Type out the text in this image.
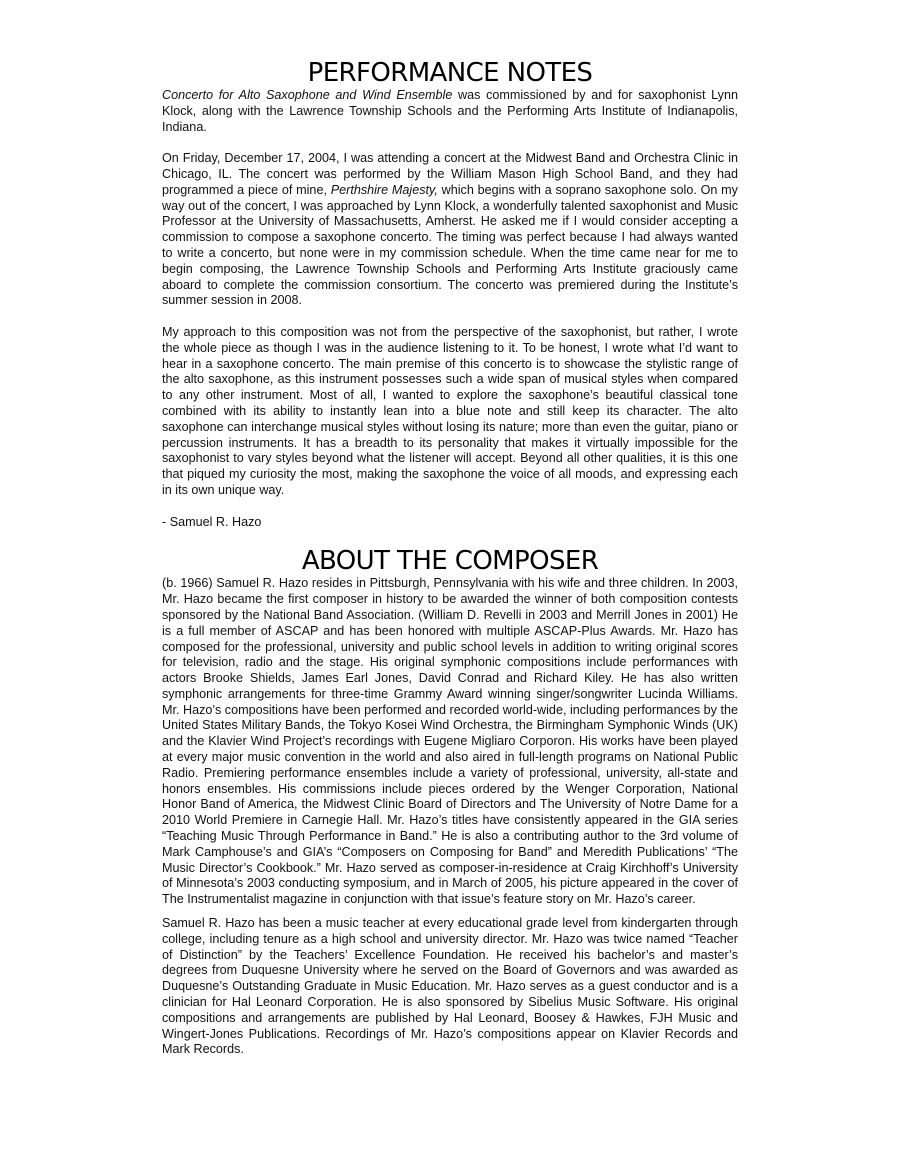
PERFORMANCE NOTES

Concerto for Alto Saxophone and Wind Ensemble was commissioned by and for saxophonist Lynn Klock, along with the Lawrence Township Schools and the Performing Arts Institute of Indianapolis, Indiana.

On Friday, December 17, 2004, I was attending a concert at the Midwest Band and Orchestra Clinic in Chicago, IL. The concert was performed by the William Mason High School Band, and they had programmed a piece of mine, Perthshire Majesty, which begins with a soprano saxophone solo. On my way out of the concert, I was approached by Lynn Klock, a wonderfully talented saxophonist and Music Professor at the University of Massachusetts, Amherst. He asked me if I would consider accepting a commission to compose a saxophone concerto. The timing was perfect because I had always wanted to write a concerto, but none were in my commission schedule. When the time came near for me to begin composing, the Lawrence Township Schools and Performing Arts Institute graciously came aboard to complete the commission consortium. The concerto was premiered during the Institute’s summer session in 2008.

My approach to this composition was not from the perspective of the saxophonist, but rather, I wrote the whole piece as though I was in the audience listening to it. To be honest, I wrote what I’d want to hear in a saxophone concerto. The main premise of this concerto is to showcase the stylistic range of the alto saxophone, as this instrument possesses such a wide span of musical styles when compared to any other instrument. Most of all, I wanted to explore the saxophone’s beautiful classical tone combined with its ability to instantly lean into a blue note and still keep its character. The alto saxophone can interchange musical styles without losing its nature; more than even the guitar, piano or percussion instruments. It has a breadth to its personality that makes it virtually impossible for the saxophonist to vary styles beyond what the listener will accept. Beyond all other qualities, it is this one that piqued my curiosity the most, making the saxophone the voice of all moods, and expressing each in its own unique way.

- Samuel R. Hazo

ABOUT THE COMPOSER

(b. 1966) Samuel R. Hazo resides in Pittsburgh, Pennsylvania with his wife and three children. In 2003, Mr. Hazo became the first composer in history to be awarded the winner of both composition contests sponsored by the National Band Association. (William D. Revelli in 2003 and Merrill Jones in 2001) He is a full member of ASCAP and has been honored with multiple ASCAP-Plus Awards. Mr. Hazo has composed for the professional, university and public school levels in addition to writing original scores for television, radio and the stage. His original symphonic compositions include performances with actors Brooke Shields, James Earl Jones, David Conrad and Richard Kiley. He has also written symphonic arrangements for three-time Grammy Award winning singer/songwriter Lucinda Williams. Mr. Hazo’s compositions have been performed and recorded world-wide, including performances by the United States Military Bands, the Tokyo Kosei Wind Orchestra, the Birmingham Symphonic Winds (UK) and the Klavier Wind Project’s recordings with Eugene Migliaro Corporon. His works have been played at every major music convention in the world and also aired in full-length programs on National Public Radio. Premiering performance ensembles include a variety of professional, university, all-state and honors ensembles. His commissions include pieces ordered by the Wenger Corporation, National Honor Band of America, the Midwest Clinic Board of Directors and The University of Notre Dame for a 2010 World Premiere in Carnegie Hall. Mr. Hazo’s titles have consistently appeared in the GIA series “Teaching Music Through Performance in Band.” He is also a contributing author to the 3rd volume of Mark Camphouse’s and GIA’s “Composers on Composing for Band” and Meredith Publications’ “The Music Director’s Cookbook.” Mr. Hazo served as composer-in-residence at Craig Kirchhoff’s University of Minnesota’s 2003 conducting symposium, and in March of 2005, his picture appeared in the cover of The Instrumentalist magazine in conjunction with that issue’s feature story on Mr. Hazo’s career.

Samuel R. Hazo has been a music teacher at every educational grade level from kindergarten through college, including tenure as a high school and university director. Mr. Hazo was twice named “Teacher of Distinction” by the Teachers’ Excellence Foundation. He received his bachelor’s and master’s degrees from Duquesne University where he served on the Board of Governors and was awarded as Duquesne’s Outstanding Graduate in Music Education. Mr. Hazo serves as a guest conductor and is a clinician for Hal Leonard Corporation. He is also sponsored by Sibelius Music Software. His original compositions and arrangements are published by Hal Leonard, Boosey & Hawkes, FJH Music and Wingert-Jones Publications. Recordings of Mr. Hazo’s compositions appear on Klavier Records and Mark Records.
